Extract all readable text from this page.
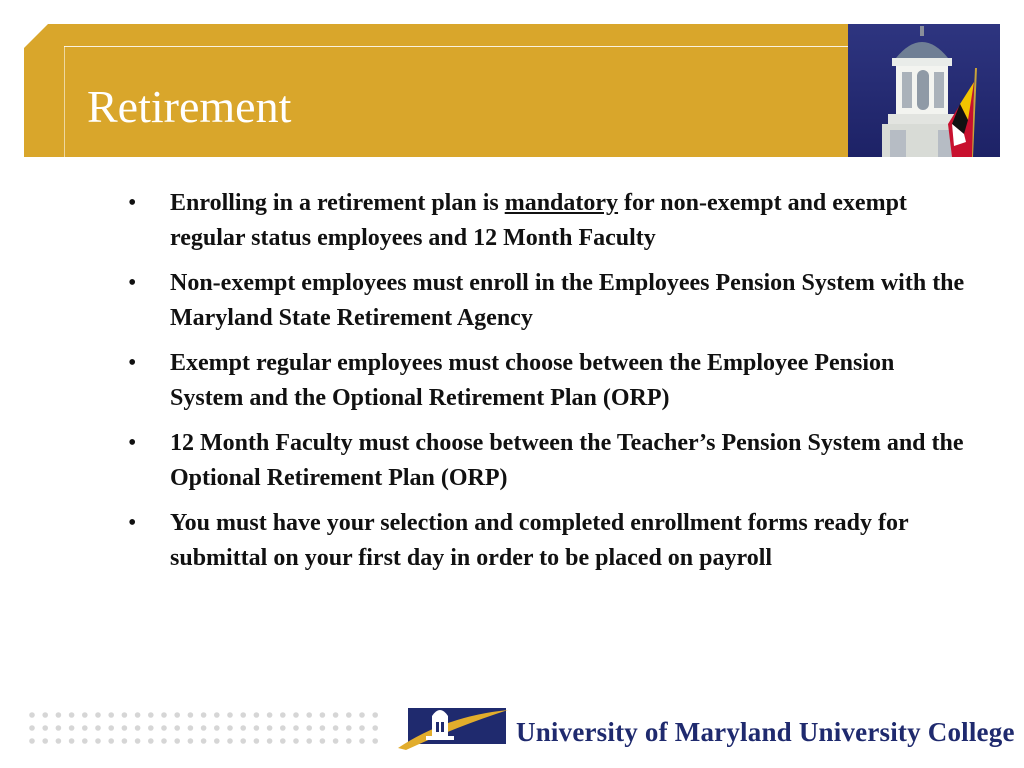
Retirement
• Enrolling in a retirement plan is mandatory for non-exempt and exempt regular status employees and 12 Month Faculty
• Non-exempt employees must enroll in the Employees Pension System with the Maryland State Retirement Agency
• Exempt regular employees must choose between the Employee Pension System and the Optional Retirement Plan (ORP)
• 12 Month Faculty must choose between the Teacher’s Pension System and the Optional Retirement Plan (ORP)
• You must have your selection and completed enrollment forms ready for submittal on your first day in order to be placed on payroll
University of Maryland University College
